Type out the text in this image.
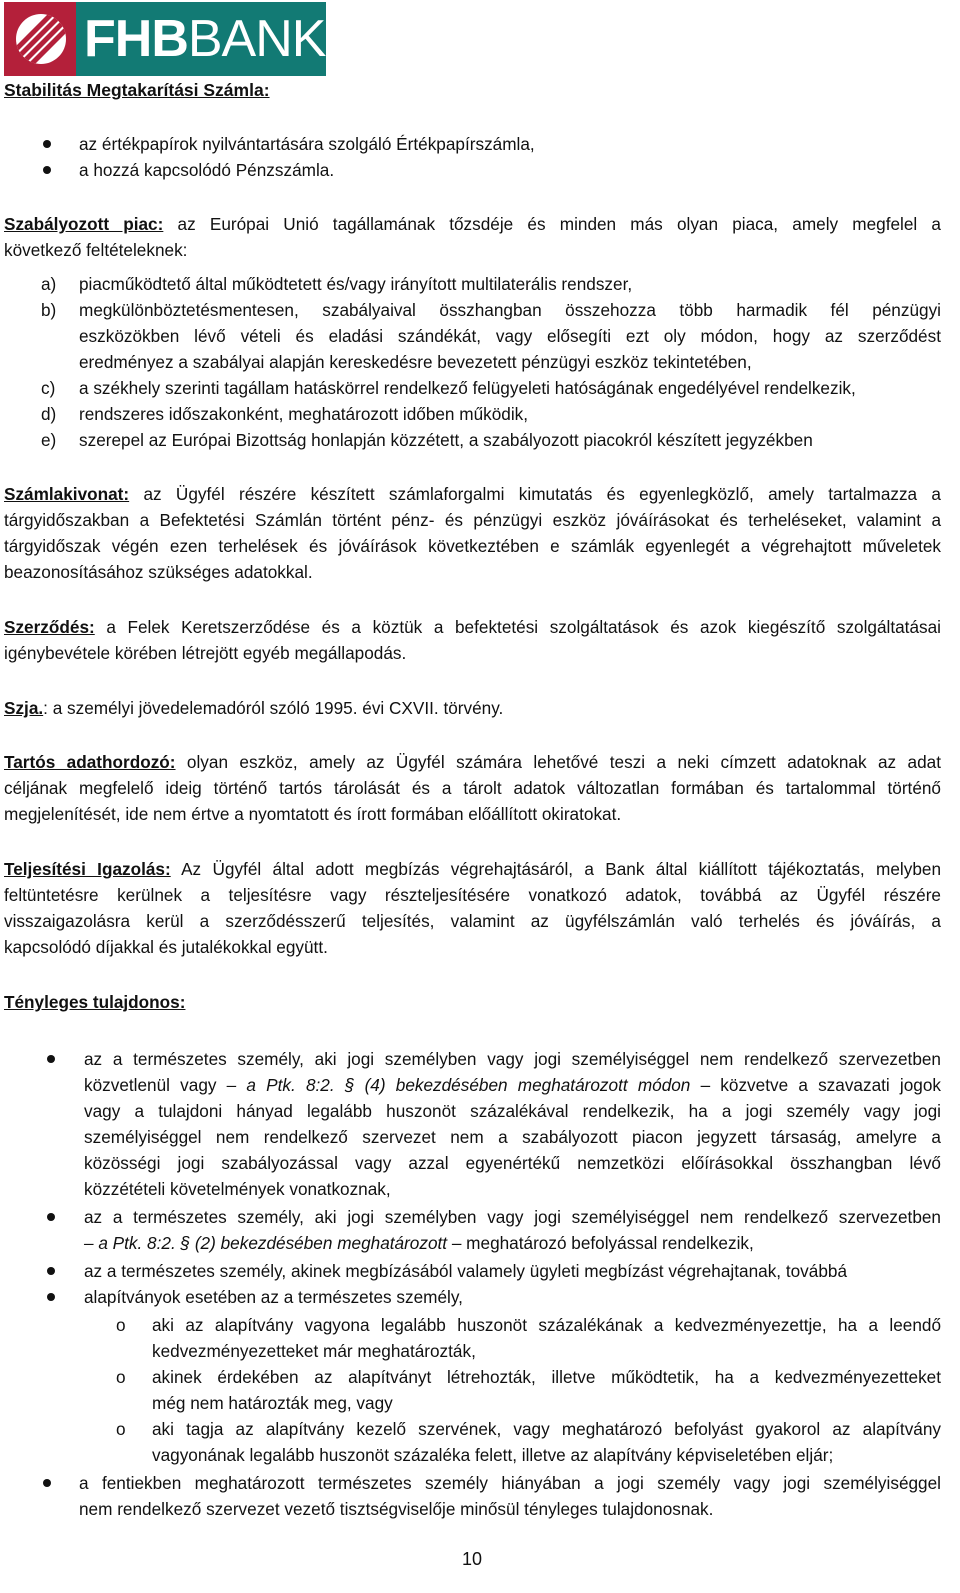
FHBBANK
Stabilitás Megtakarítási Számla:
az értékpapírok nyilvántartására szolgáló Értékpapírszámla,
a hozzá kapcsolódó Pénzszámla.

Szabályozott piac: az Európai Unió tagállamának tőzsdéje és minden más olyan piaca, amely megfelel a

következő feltételeknek:

a) piacműködtető által működtetett és/vagy irányított multilaterális rendszer,
b) megkülönböztetésmentesen, szabályaival összhangban összehozza több harmadik fél pénzügyi
eszközökben lévő vételi és eladási szándékát, vagy elősegíti ezt oly módon, hogy az szerződést
eredményez a szabályai alapján kereskedésre bevezetett pénzügyi eszköz tekintetében,
c) a székhely szerinti tagállam hatáskörrel rendelkező felügyeleti hatóságának engedélyével rendelkezik,
d) rendszeres időszakonként, meghatározott időben működik,
e) szerepel az Európai Bizottság honlapján közzétett, a szabályozott piacokról készített jegyzékben

Számlakivonat: az Ügyfél részére készített számlaforgalmi kimutatás és egyenlegközlő, amely tartalmazza a

tárgyidőszakban a Befektetési Számlán történt pénz- és pénzügyi eszköz jóváírásokat és terheléseket, valamint a

tárgyidőszak végén ezen terhelések és jóváírások következtében e számlák egyenlegét a végrehajtott műveletek

beazonosításához szükséges adatokkal.

Szerződés: a Felek Keretszerződése és a köztük a befektetési szolgáltatások és azok kiegészítő szolgáltatásai

igénybevétele körében létrejött egyéb megállapodás.

Szja.: a személyi jövedelemadóról szóló 1995. évi CXVII. törvény.

Tartós adathordozó: olyan eszköz, amely az Ügyfél számára lehetővé teszi a neki címzett adatoknak az adat

céljának megfelelő ideig történő tartós tárolását és a tárolt adatok változatlan formában és tartalommal történő

megjelenítését, ide nem értve a nyomtatott és írott formában előállított okiratokat.

Teljesítési Igazolás: Az Ügyfél által adott megbízás végrehajtásáról, a Bank által kiállított tájékoztatás, melyben

feltüntetésre kerülnek a teljesítésre vagy részteljesítésére vonatkozó adatok, továbbá az Ügyfél részére

visszaigazolásra kerül a szerződésszerű teljesítés, valamint az ügyfélszámlán való terhelés és jóváírás, a

kapcsolódó díjakkal és jutalékokkal együtt.

Tényleges tulajdonos:
az a természetes személy, aki jogi személyben vagy jogi személyiséggel nem rendelkező szervezetben
közvetlenül vagy – a Ptk. 8:2. § (4) bekezdésében meghatározott módon – közvetve a szavazati jogok
vagy a tulajdoni hányad legalább huszonöt százalékával rendelkezik, ha a jogi személy vagy jogi
személyiséggel nem rendelkező szervezet nem a szabályozott piacon jegyzett társaság, amelyre a
közösségi jogi szabályozással vagy azzal egyenértékű nemzetközi előírásokkal összhangban lévő
közzétételi követelmények vonatkoznak,
az a természetes személy, aki jogi személyben vagy jogi személyiséggel nem rendelkező szervezetben
– a Ptk. 8:2. § (2) bekezdésében meghatározott – meghatározó befolyással rendelkezik,
az a természetes személy, akinek megbízásából valamely ügyleti megbízást végrehajtanak, továbbá
alapítványok esetében az a természetes személy,
o aki az alapítvány vagyona legalább huszonöt százalékának a kedvezményezettje, ha a leendő
kedvezményezetteket már meghatározták,
o akinek érdekében az alapítványt létrehozták, illetve működtetik, ha a kedvezményezetteket
még nem határozták meg, vagy
o aki tagja az alapítvány kezelő szervének, vagy meghatározó befolyást gyakorol az alapítvány
vagyonának legalább huszonöt százaléka felett, illetve az alapítvány képviseletében eljár;
a fentiekben meghatározott természetes személy hiányában a jogi személy vagy jogi személyiséggel
nem rendelkező szervezet vezető tisztségviselője minősül tényleges tulajdonosnak.
10
